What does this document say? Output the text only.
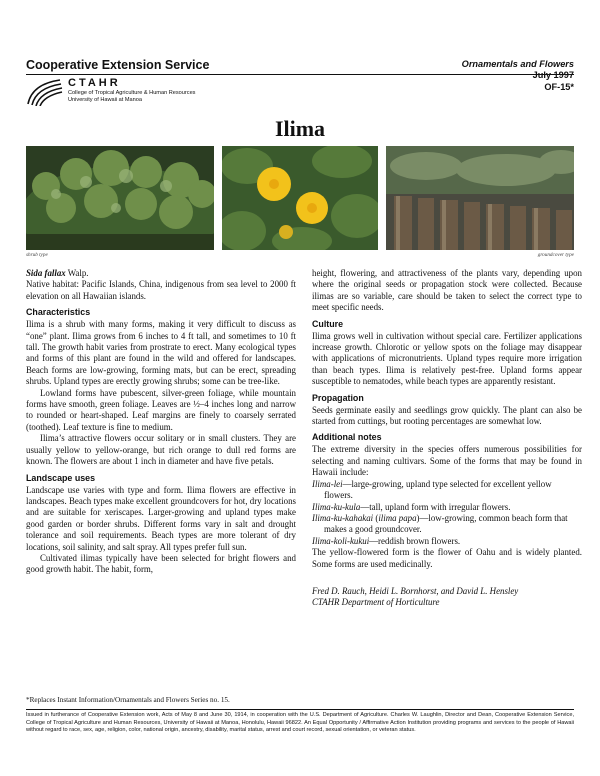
Cooperative Extension Service
CTAHR
College of Tropical Agriculture & Human Resources
University of Hawaii at Manoa
Ornamentals and Flowers
July 1997
OF-15*
Ilima
shrub type	groundcover type

Sida fallax Walp.

Native habitat: Pacific Islands, China, indigenous from sea level to 2000 ft elevation on all Hawaiian islands.

Characteristics

Ilima is a shrub with many forms, making it very difficult to discuss as “one” plant. Ilima grows from 6 inches to 4 ft tall, and sometimes to 10 ft tall. The growth habit varies from prostrate to erect. Many ecological types and forms of this plant are found in the wild and offered for landscapes. Beach forms are low-growing, forming mats, but can be erect, spreading shrubs. Upland types are erectly growing shrubs; some can be tree-like.

Lowland forms have pubescent, silver-green foliage, while mountain forms have smooth, green foliage. Leaves are ½–4 inches long and narrow to rounded or heart-shaped. Leaf margins are finely to coarsely serrated (toothed). Leaf texture is fine to medium.

Ilima’s attractive flowers occur solitary or in small clusters. They are usually yellow to yellow-orange, but rich orange to dull red forms are known. The flowers are about 1 inch in diameter and have five petals.

Landscape uses

Landscape use varies with type and form. Ilima flowers are effective in landscapes. Beach types make excellent groundcovers for hot, dry locations and are suitable for xeriscapes. Larger-growing and upland types make good garden or border shrubs. Different forms vary in salt and drought tolerance and soil requirements. Beach types are more tolerant of dry locations, soil salinity, and salt spray. All types prefer full sun.

Cultivated ilimas typically have been selected for bright flowers and good growth habit. The habit, form,

height, flowering, and attractiveness of the plants vary, depending upon where the original seeds or propagation stock were collected. Because ilimas are so variable, care should be taken to select the correct type to meet specific needs.

Culture

Ilima grows well in cultivation without special care. Fertilizer applications increase growth. Chlorotic or yellow spots on the foliage may disappear with applications of micronutrients. Upland types require more irrigation than beach types. Ilima is relatively pest-free. Upland forms appear susceptible to nematodes, while beach types are apparently resistant.

Propagation

Seeds germinate easily and seedlings grow quickly. The plant can also be started from cuttings, but rooting percentages are somewhat low.

Additional notes

The extreme diversity in the species offers numerous possibilities for selecting and naming cultivars. Some of the forms that may be found in Hawaii include:

Ilima-lei—large-growing, upland type selected for excellent yellow flowers.

Ilima-ku-kula—tall, upland form with irregular flowers.

Ilima-ku-kahakai (ilima papa)—low-growing, common beach form that makes a good groundcover.

Ilima-koli-kukui—reddish brown flowers.

The yellow-flowered form is the flower of Oahu and is widely planted. Some forms are used medicinally.

Fred D. Rauch, Heidi L. Bornhorst, and David L. Hensley

CTAHR Department of Horticulture

*Replaces Instant Information/Ornamentals and Flowers Series no. 15.
Issued in furtherance of Cooperative Extension work, Acts of May 8 and June 30, 1914, in cooperation with the U.S. Department of Agriculture. Charles W. Laughlin, Director and Dean, Cooperative Extension Service, College of Tropical Agriculture and Human Resources, University of Hawaii at Manoa, Honolulu, Hawaii 96822. An Equal Opportunity / Affirmative Action Institution providing programs and services to the people of Hawaii without regard to race, sex, age, religion, color, national origin, ancestry, disability, marital status, arrest and court record, sexual orientation, or veteran status.
